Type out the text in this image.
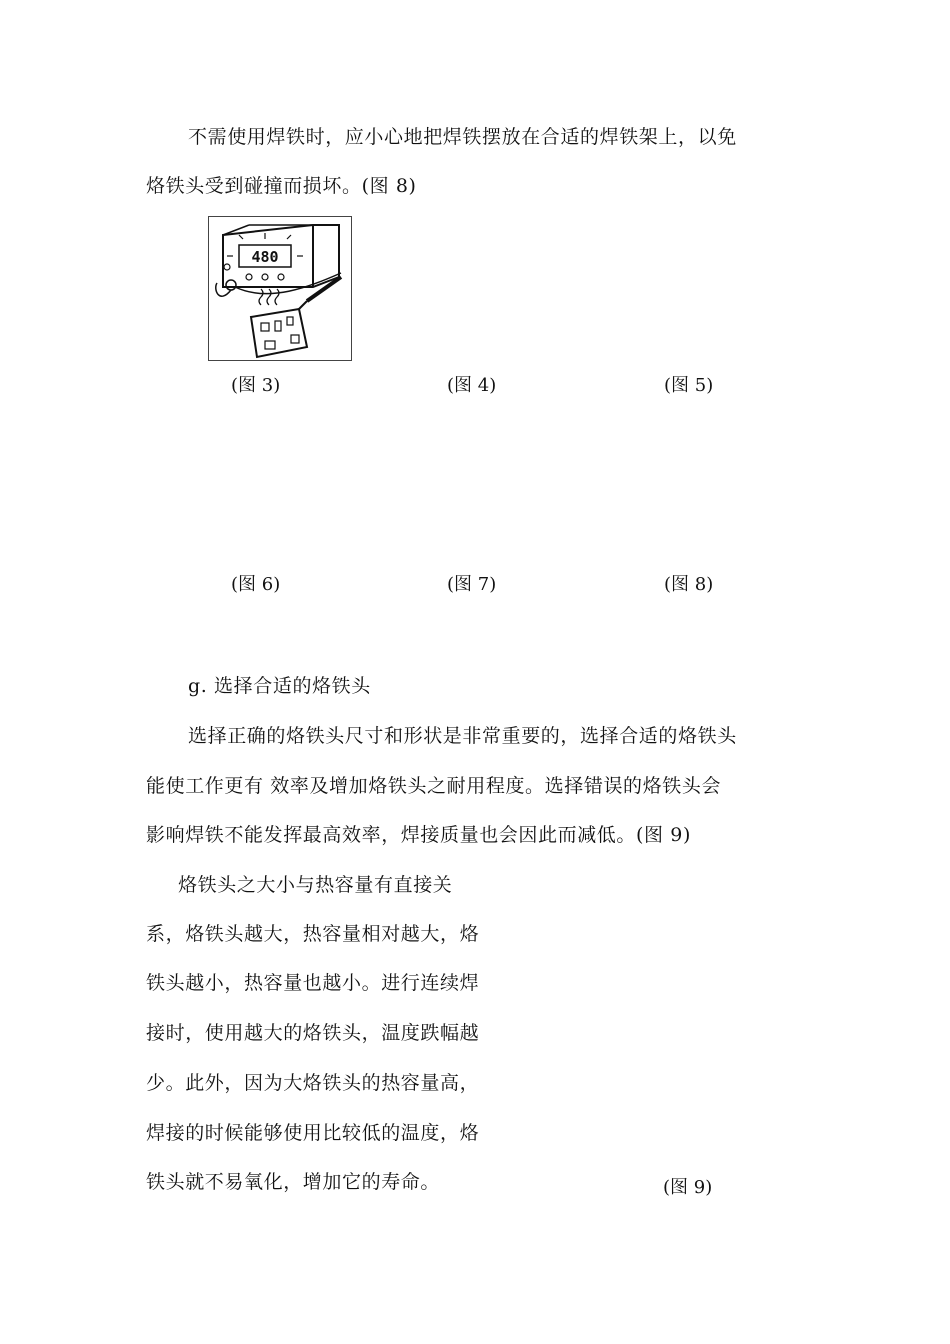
不需使用焊铁时，应小心地把焊铁摆放在合适的焊铁架上，以免
烙铁头受到碰撞而损坏。(图 8)
480
(图 3)	(图 4)	(图 5)
(图 6)	(图 7)	(图 8)
g. 选择合适的烙铁头
选择正确的烙铁头尺寸和形状是非常重要的，选择合适的烙铁头
能使工作更有 效率及增加烙铁头之耐用程度。选择错误的烙铁头会
影响焊铁不能发挥最高效率，焊接质量也会因此而减低。(图 9)
烙铁头之大小与热容量有直接关
系，烙铁头越大，热容量相对越大，烙
铁头越小，热容量也越小。进行连续焊
接时，使用越大的烙铁头，温度跌幅越
少。此外，因为大烙铁头的热容量高，
焊接的时候能够使用比较低的温度，烙
铁头就不易氧化，增加它的寿命。	(图 9)
